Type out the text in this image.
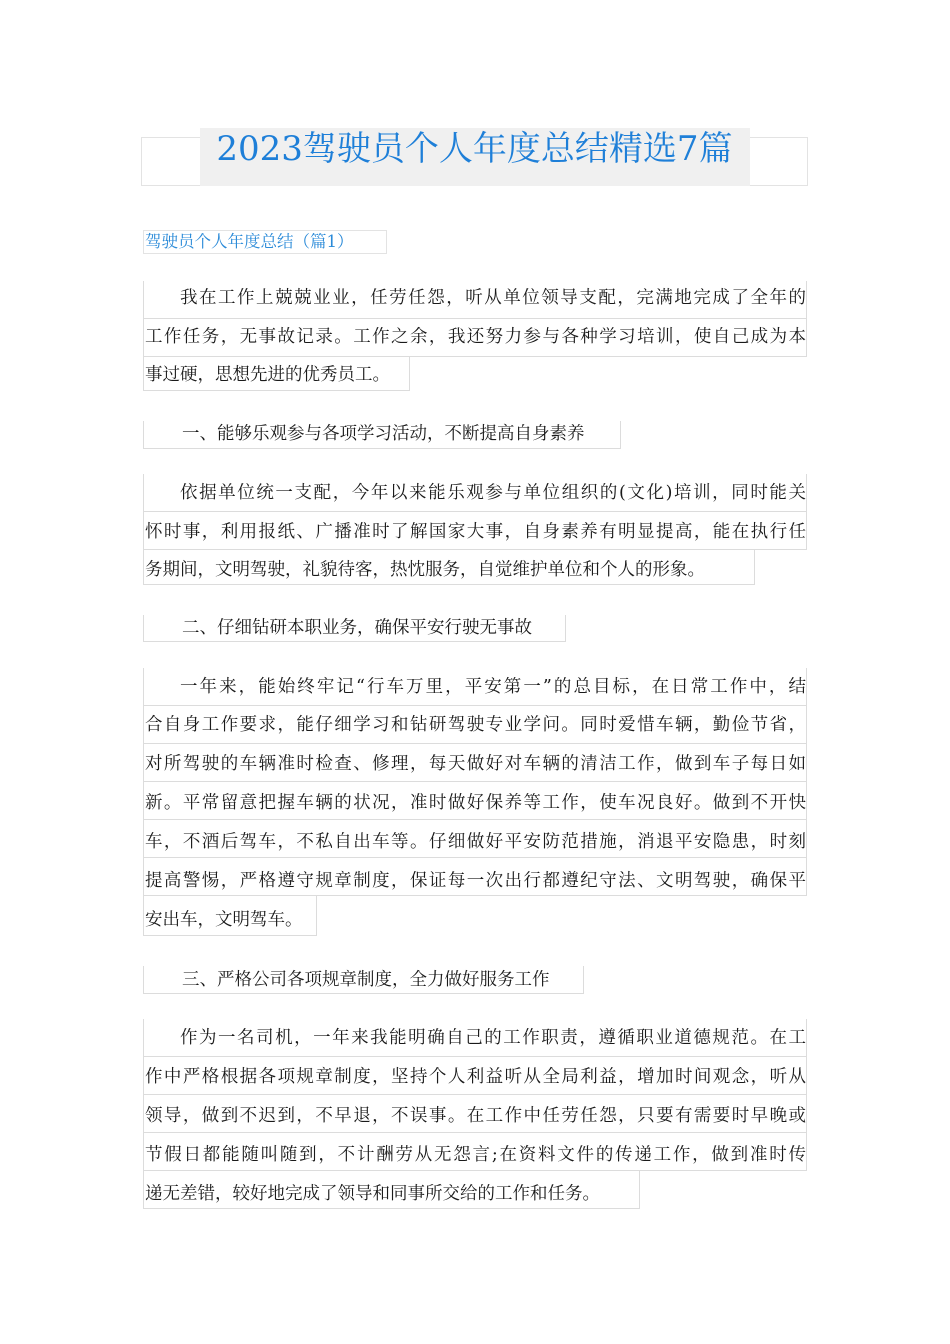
2023驾驶员个人年度总结精选7篇
驾驶员个人年度总结（篇1）
我在工作上兢兢业业，任劳任怨，听从单位领导支配，完满地完成了全年的
工作任务，无事故记录。工作之余，我还努力参与各种学习培训，使自己成为本
事过硬，思想先进的优秀员工。
一、能够乐观参与各项学习活动，不断提高自身素养
依据单位统一支配，今年以来能乐观参与单位组织的(文化)培训，同时能关
怀时事，利用报纸、广播准时了解国家大事，自身素养有明显提高，能在执行任
务期间，文明驾驶，礼貌待客，热忱服务，自觉维护单位和个人的形象。
二、仔细钻研本职业务，确保平安行驶无事故
一年来，能始终牢记“行车万里，平安第一”的总目标，在日常工作中，结
合自身工作要求，能仔细学习和钻研驾驶专业学问。同时爱惜车辆，勤俭节省，
对所驾驶的车辆准时检查、修理，每天做好对车辆的清洁工作，做到车子每日如
新。平常留意把握车辆的状况，准时做好保养等工作，使车况良好。做到不开快
车，不酒后驾车，不私自出车等。仔细做好平安防范措施，消退平安隐患，时刻
提高警惕，严格遵守规章制度，保证每一次出行都遵纪守法、文明驾驶，确保平
安出车，文明驾车。
三、严格公司各项规章制度，全力做好服务工作
作为一名司机，一年来我能明确自己的工作职责，遵循职业道德规范。在工
作中严格根据各项规章制度，坚持个人利益听从全局利益，增加时间观念，听从
领导，做到不迟到，不早退，不误事。在工作中任劳任怨，只要有需要时早晚或
节假日都能随叫随到，不计酬劳从无怨言;在资料文件的传递工作，做到准时传
递无差错，较好地完成了领导和同事所交给的工作和任务。
